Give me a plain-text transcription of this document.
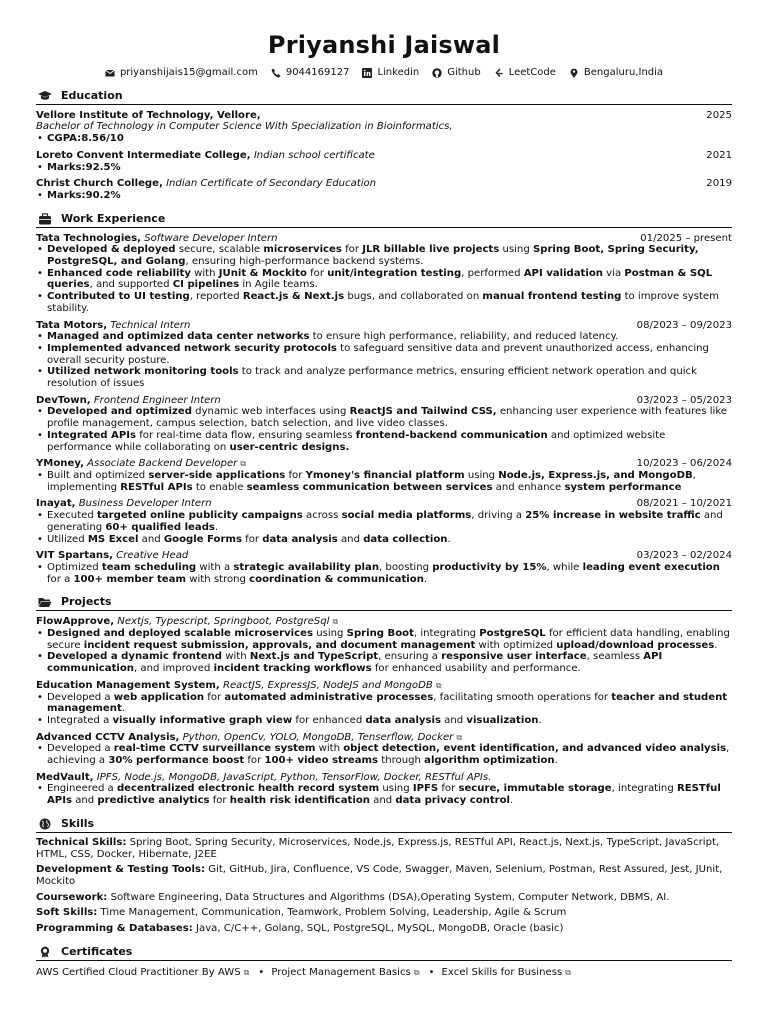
Priyanshi Jaiswal
priyanshijais15@gmail.com	9044169127	Linkedin	Github	LeetCode	Bengaluru,India
Education
Vellore Institute of Technology, Vellore,	2025
Bachelor of Technology in Computer Science With Specialization in Bioinformatics,
• CGPA:8.56/10
Loreto Convent Intermediate College, Indian school certificate	2021
• Marks:92.5%
Christ Church College, Indian Certificate of Secondary Education	2019
• Marks:90.2%
Work Experience
Tata Technologies, Software Developer Intern	01/2025 – present
• Developed & deployed secure, scalable microservices for JLR billable live projects using Spring Boot, Spring Security, PostgreSQL, and Golang, ensuring high-performance backend systems.
• Enhanced code reliability with JUnit & Mockito for unit/integration testing, performed API validation via Postman & SQL queries, and supported CI pipelines in Agile teams.
• Contributed to UI testing, reported React.js & Next.js bugs, and collaborated on manual frontend testing to improve system stability.
Tata Motors, Technical Intern	08/2023 – 09/2023
• Managed and optimized data center networks to ensure high performance, reliability, and reduced latency.
• Implemented advanced network security protocols to safeguard sensitive data and prevent unauthorized access, enhancing overall security posture.
• Utilized network monitoring tools to track and analyze performance metrics, ensuring efficient network operation and quick resolution of issues
DevTown, Frontend Engineer Intern	03/2023 – 05/2023
• Developed and optimized dynamic web interfaces using ReactJS and Tailwind CSS, enhancing user experience with features like profile management, campus selection, batch selection, and live video classes.
• Integrated APIs for real-time data flow, ensuring seamless frontend-backend communication and optimized website performance while collaborating on user-centric designs.
YMoney, Associate Backend Developer ⧉	10/2023 – 06/2024
• Built and optimized server-side applications for Ymoney's financial platform using Node.js, Express.js, and MongoDB, implementing RESTful APIs to enable seamless communication between services and enhance system performance
Inayat, Business Developer Intern	08/2021 – 10/2021
• Executed targeted online publicity campaigns across social media platforms, driving a 25% increase in website traffic and generating 60+ qualified leads.
• Utilized MS Excel and Google Forms for data analysis and data collection.
VIT Spartans, Creative Head	03/2023 – 02/2024
• Optimized team scheduling with a strategic availability plan, boosting productivity by 15%, while leading event execution for a 100+ member team with strong coordination & communication.
Projects
FlowApprove, Nextjs, Typescript, Springboot, PostgreSql ⧉
• Designed and deployed scalable microservices using Spring Boot, integrating PostgreSQL for efficient data handling, enabling secure incident request submission, approvals, and document management with optimized upload/download processes.
• Developed a dynamic frontend with Next.js and TypeScript, ensuring a responsive user interface, seamless API communication, and improved incident tracking workflows for enhanced usability and performance.
Education Management System, ReactJS, ExpressJS, NodeJS and MongoDB ⧉
• Developed a web application for automated administrative processes, facilitating smooth operations for teacher and student management.
• Integrated a visually informative graph view for enhanced data analysis and visualization.
Advanced CCTV Analysis, Python, OpenCv, YOLO, MongoDB, Tenserflow, Docker ⧉
• Developed a real-time CCTV surveillance system with object detection, event identification, and advanced video analysis, achieving a 30% performance boost for 100+ video streams through algorithm optimization.
MedVault, IPFS, Node.js, MongoDB, JavaScript, Python, TensorFlow, Docker, RESTful APIs.
• Engineered a decentralized electronic health record system using IPFS for secure, immutable storage, integrating RESTful APIs and predictive analytics for health risk identification and data privacy control.
Skills
Technical Skills: Spring Boot, Spring Security, Microservices, Node.js, Express.js, RESTful API, React.js, Next.js, TypeScript, JavaScript, HTML, CSS, Docker, Hibernate, J2EE
Development & Testing Tools: Git, GitHub, Jira, Confluence, VS Code, Swagger, Maven, Selenium, Postman, Rest Assured, Jest, JUnit, Mockito
Coursework: Software Engineering, Data Structures and Algorithms (DSA),Operating System, Computer Network, DBMS, AI.
Soft Skills: Time Management, Communication, Teamwork, Problem Solving, Leadership, Agile & Scrum
Programming & Databases: Java, C/C++, Golang, SQL, PostgreSQL, MySQL, MongoDB, Oracle (basic)
Certificates
AWS Certified Cloud Practitioner By AWS ⧉ • Project Management Basics ⧉ • Excel Skills for Business ⧉
